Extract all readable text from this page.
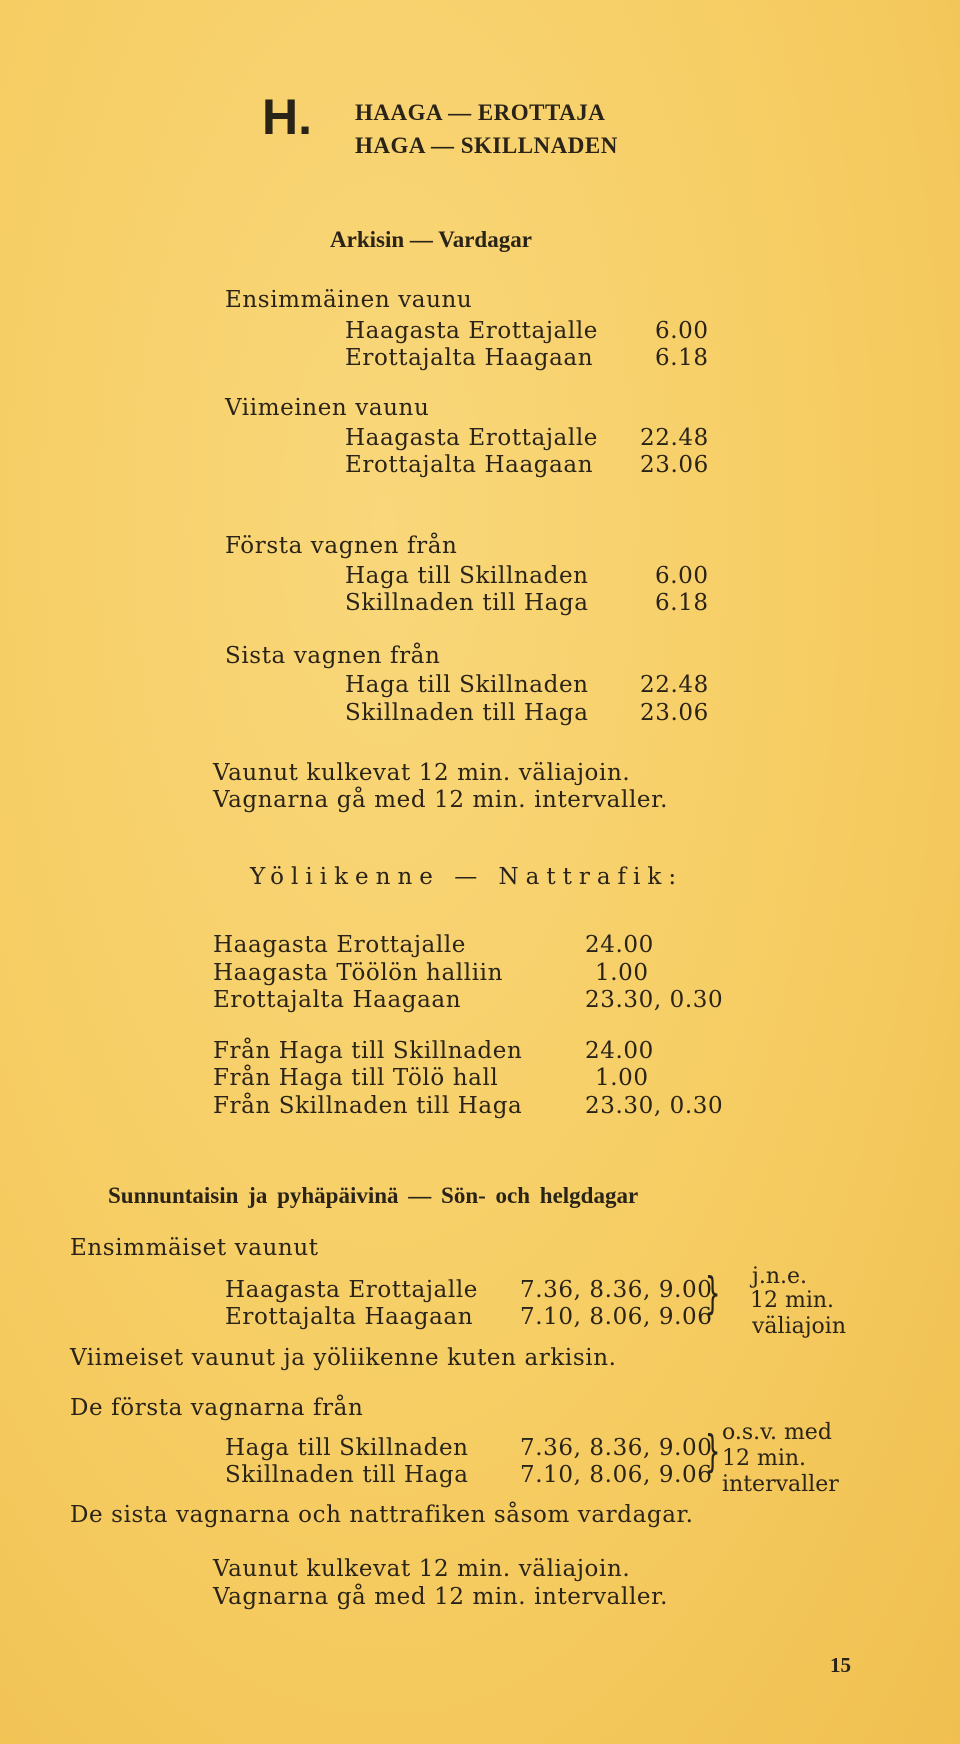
H. HAAGA — EROTTAJA
HAGA — SKILLNADEN
Arkisin — Vardagar
Ensimmäinen vaunu
Haagasta Erottajalle 6.00
Erottajalta Haagaan	6.18
Viimeinen vaunu
Haagasta Erottajalle 22.48
Erottajalta Haagaan 23.06
Första vagnen från
Haga till Skillnaden	6.00
Skillnaden till Haga	6.18
Sista vagnen från
Haga till Skillnaden 22.48
Skillnaden till Haga 23.06
Vaunut kulkevat 12 min. väliajoin.
Vagnarna gå med 12 min. intervaller.
Yöliikenne — Nattrafik:
Haagasta Erottajalle	24.00
Haagasta Töölön halliin	1.00
Erottajalta Haagaan	23.30, 0.30
Från Haga till Skillnaden	24.00
Från Haga till Tölö hall	1.00
Från Skillnaden till Haga	23.30, 0.30
Sunnuntaisin ja pyhäpäivinä — Sön- och helgdagar
Ensimmäiset vaunut
Haagasta Erottajalle 7.36, 8.36, 9.00
Erottajalta Haagaan 7.10, 8.06, 9.06
} j.n.e.
12 min.
väliajoin
Viimeiset vaunut ja yöliikenne kuten arkisin.
De första vagnarna från
Haga till Skillnaden 7.36, 8.36, 9.00
Skillnaden till Haga 7.10, 8.06, 9.06
} o.s.v. med
12 min.
intervaller
De sista vagnarna och nattrafiken såsom vardagar.
Vaunut kulkevat 12 min. väliajoin.
Vagnarna gå med 12 min. intervaller.
15
